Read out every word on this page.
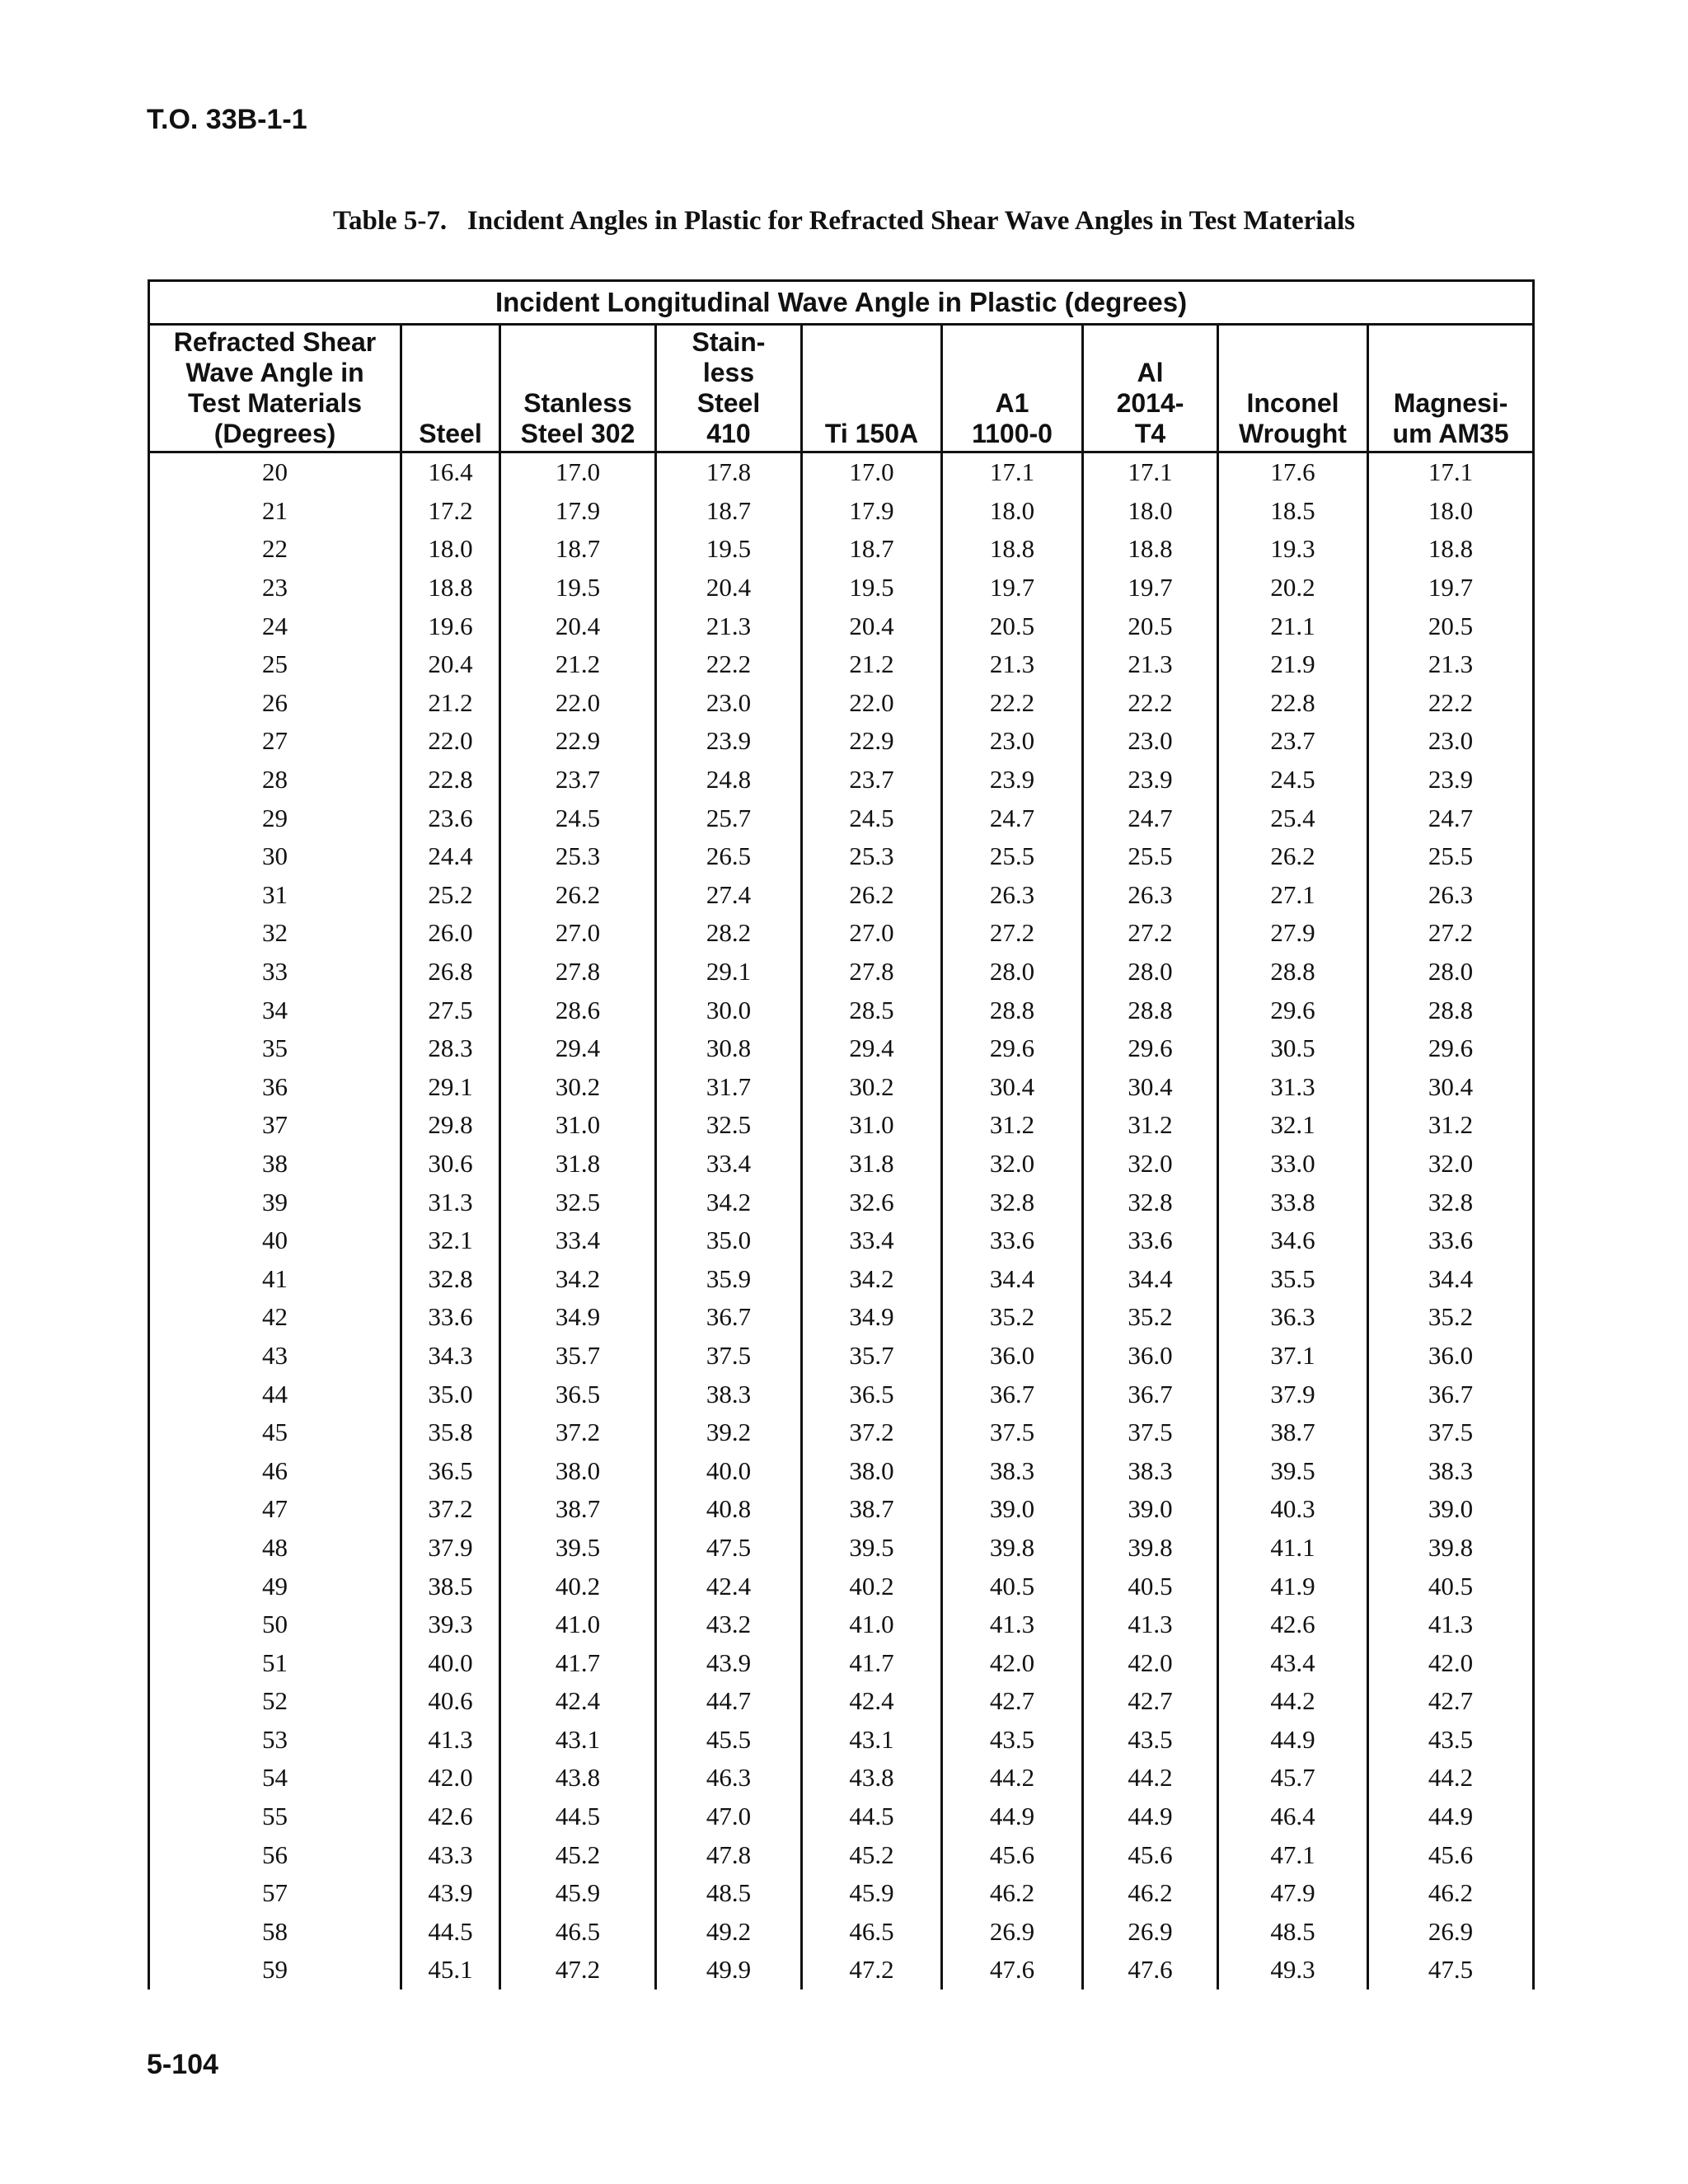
T.O. 33B-1-1

Table 5-7.   Incident Angles in Plastic for Refracted Shear Wave Angles in Test Materials

Incident Longitudinal Wave Angle in Plastic (degrees)								
Refracted Shear
Wave Angle in
Test Materials
(Degrees)	Steel	Stanless
Steel 302	Stain-
less
Steel
410	Ti 150A	A1
1100-0	Al
2014-
T4	Inconel
Wrought	Magnesi-
um AM35
20	16.4	17.0	17.8	17.0	17.1	17.1	17.6	17.1
21	17.2	17.9	18.7	17.9	18.0	18.0	18.5	18.0
22	18.0	18.7	19.5	18.7	18.8	18.8	19.3	18.8
23	18.8	19.5	20.4	19.5	19.7	19.7	20.2	19.7
24	19.6	20.4	21.3	20.4	20.5	20.5	21.1	20.5
25	20.4	21.2	22.2	21.2	21.3	21.3	21.9	21.3
26	21.2	22.0	23.0	22.0	22.2	22.2	22.8	22.2
27	22.0	22.9	23.9	22.9	23.0	23.0	23.7	23.0
28	22.8	23.7	24.8	23.7	23.9	23.9	24.5	23.9
29	23.6	24.5	25.7	24.5	24.7	24.7	25.4	24.7
30	24.4	25.3	26.5	25.3	25.5	25.5	26.2	25.5
31	25.2	26.2	27.4	26.2	26.3	26.3	27.1	26.3
32	26.0	27.0	28.2	27.0	27.2	27.2	27.9	27.2
33	26.8	27.8	29.1	27.8	28.0	28.0	28.8	28.0
34	27.5	28.6	30.0	28.5	28.8	28.8	29.6	28.8
35	28.3	29.4	30.8	29.4	29.6	29.6	30.5	29.6
36	29.1	30.2	31.7	30.2	30.4	30.4	31.3	30.4
37	29.8	31.0	32.5	31.0	31.2	31.2	32.1	31.2
38	30.6	31.8	33.4	31.8	32.0	32.0	33.0	32.0
39	31.3	32.5	34.2	32.6	32.8	32.8	33.8	32.8
40	32.1	33.4	35.0	33.4	33.6	33.6	34.6	33.6
41	32.8	34.2	35.9	34.2	34.4	34.4	35.5	34.4
42	33.6	34.9	36.7	34.9	35.2	35.2	36.3	35.2
43	34.3	35.7	37.5	35.7	36.0	36.0	37.1	36.0
44	35.0	36.5	38.3	36.5	36.7	36.7	37.9	36.7
45	35.8	37.2	39.2	37.2	37.5	37.5	38.7	37.5
46	36.5	38.0	40.0	38.0	38.3	38.3	39.5	38.3
47	37.2	38.7	40.8	38.7	39.0	39.0	40.3	39.0
48	37.9	39.5	47.5	39.5	39.8	39.8	41.1	39.8
49	38.5	40.2	42.4	40.2	40.5	40.5	41.9	40.5
50	39.3	41.0	43.2	41.0	41.3	41.3	42.6	41.3
51	40.0	41.7	43.9	41.7	42.0	42.0	43.4	42.0
52	40.6	42.4	44.7	42.4	42.7	42.7	44.2	42.7
53	41.3	43.1	45.5	43.1	43.5	43.5	44.9	43.5
54	42.0	43.8	46.3	43.8	44.2	44.2	45.7	44.2
55	42.6	44.5	47.0	44.5	44.9	44.9	46.4	44.9
56	43.3	45.2	47.8	45.2	45.6	45.6	47.1	45.6
57	43.9	45.9	48.5	45.9	46.2	46.2	47.9	46.2
58	44.5	46.5	49.2	46.5	26.9	26.9	48.5	26.9
59	45.1	47.2	49.9	47.2	47.6	47.6	49.3	47.5

5-104
